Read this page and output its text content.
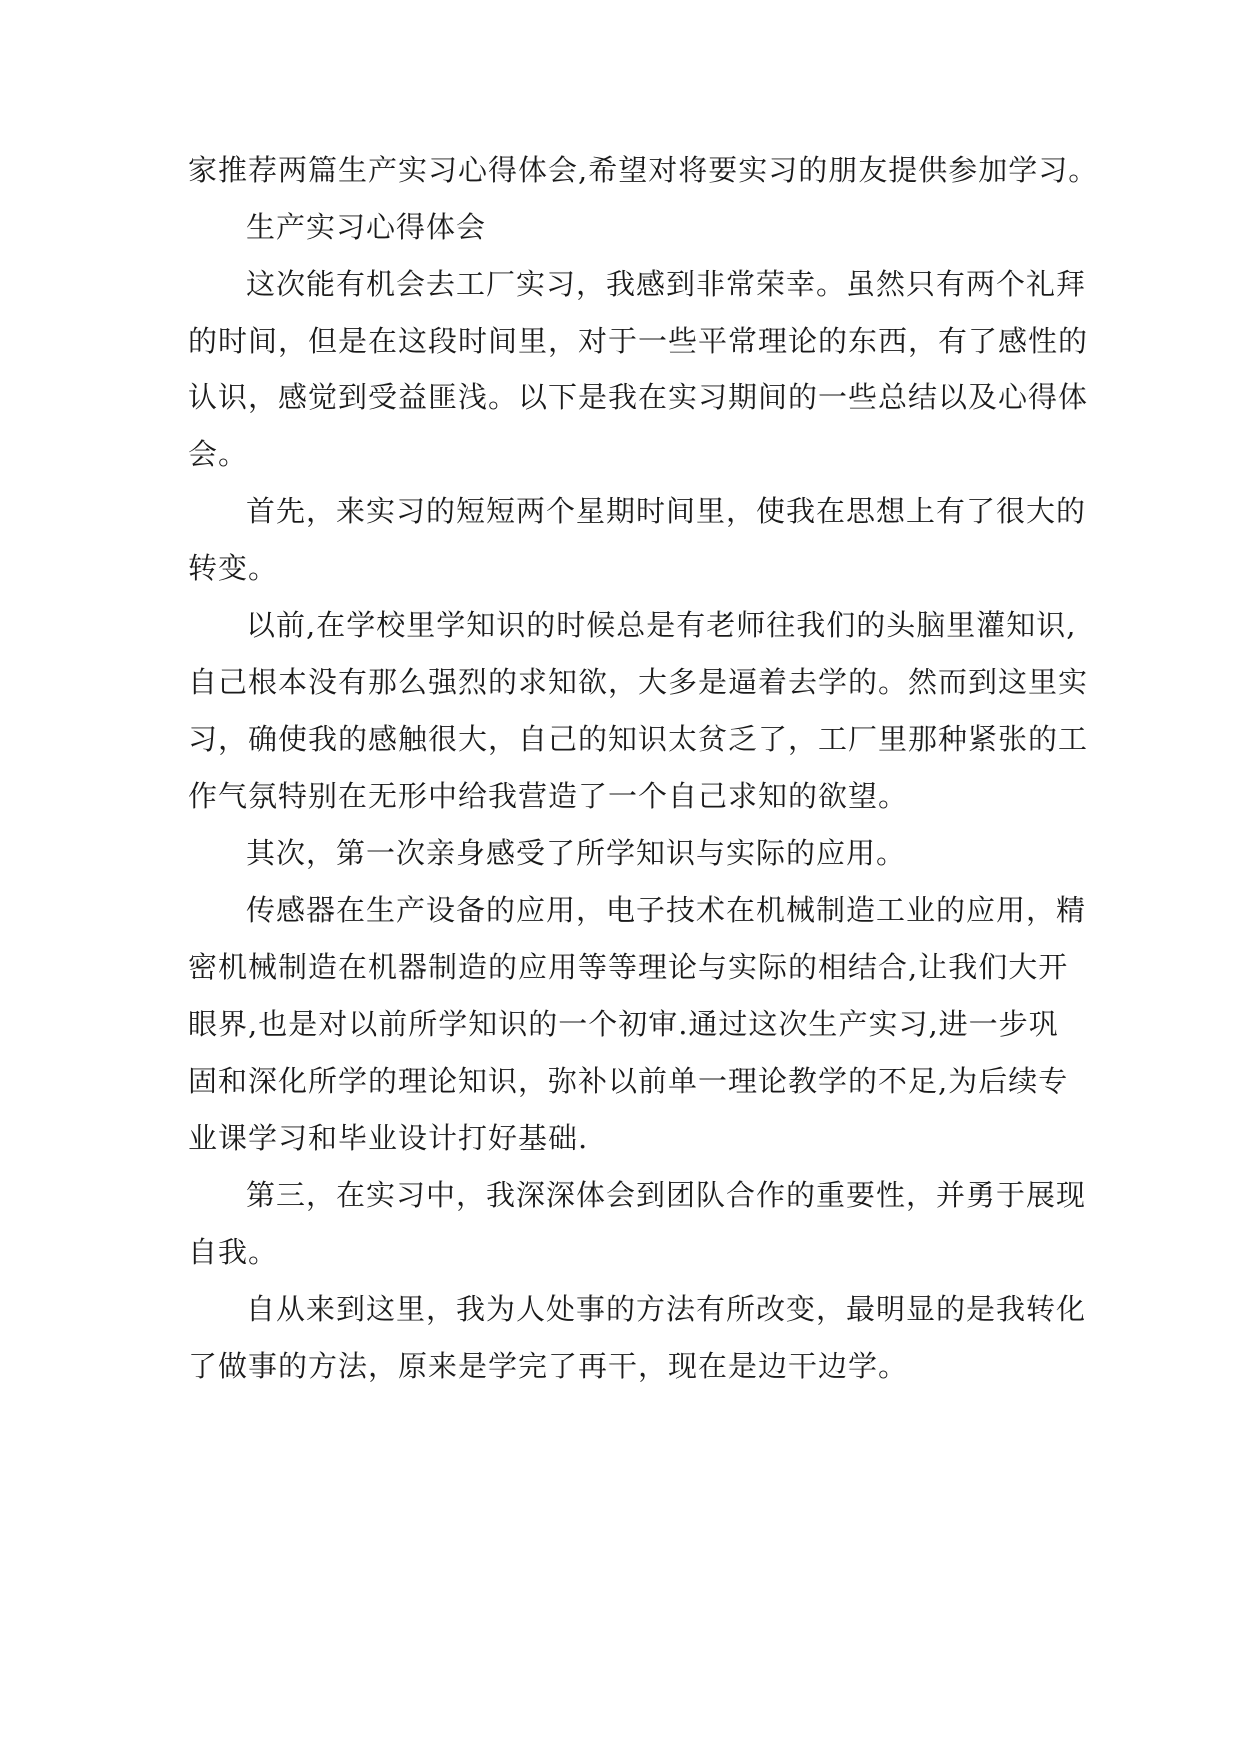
家推荐两篇生产实习心得体会,希望对将要实习的朋友提供参加学习。
生产实习心得体会
这次能有机会去工厂实习，我感到非常荣幸。虽然只有两个礼拜
的时间，但是在这段时间里，对于一些平常理论的东西，有了感性的
认识，感觉到受益匪浅。以下是我在实习期间的一些总结以及心得体
会。
首先，来实习的短短两个星期时间里，使我在思想上有了很大的
转变。
以前,在学校里学知识的时候总是有老师往我们的头脑里灌知识,
自己根本没有那么强烈的求知欲，大多是逼着去学的。然而到这里实
习，确使我的感触很大，自己的知识太贫乏了，工厂里那种紧张的工
作气氛特别在无形中给我营造了一个自己求知的欲望。
其次，第一次亲身感受了所学知识与实际的应用。
传感器在生产设备的应用，电子技术在机械制造工业的应用，精
密机械制造在机器制造的应用等等理论与实际的相结合,让我们大开
眼界,也是对以前所学知识的一个初审.通过这次生产实习,进一步巩
固和深化所学的理论知识，弥补以前单一理论教学的不足,为后续专
业课学习和毕业设计打好基础.
第三，在实习中，我深深体会到团队合作的重要性，并勇于展现
自我。
自从来到这里，我为人处事的方法有所改变，最明显的是我转化
了做事的方法，原来是学完了再干，现在是边干边学。
